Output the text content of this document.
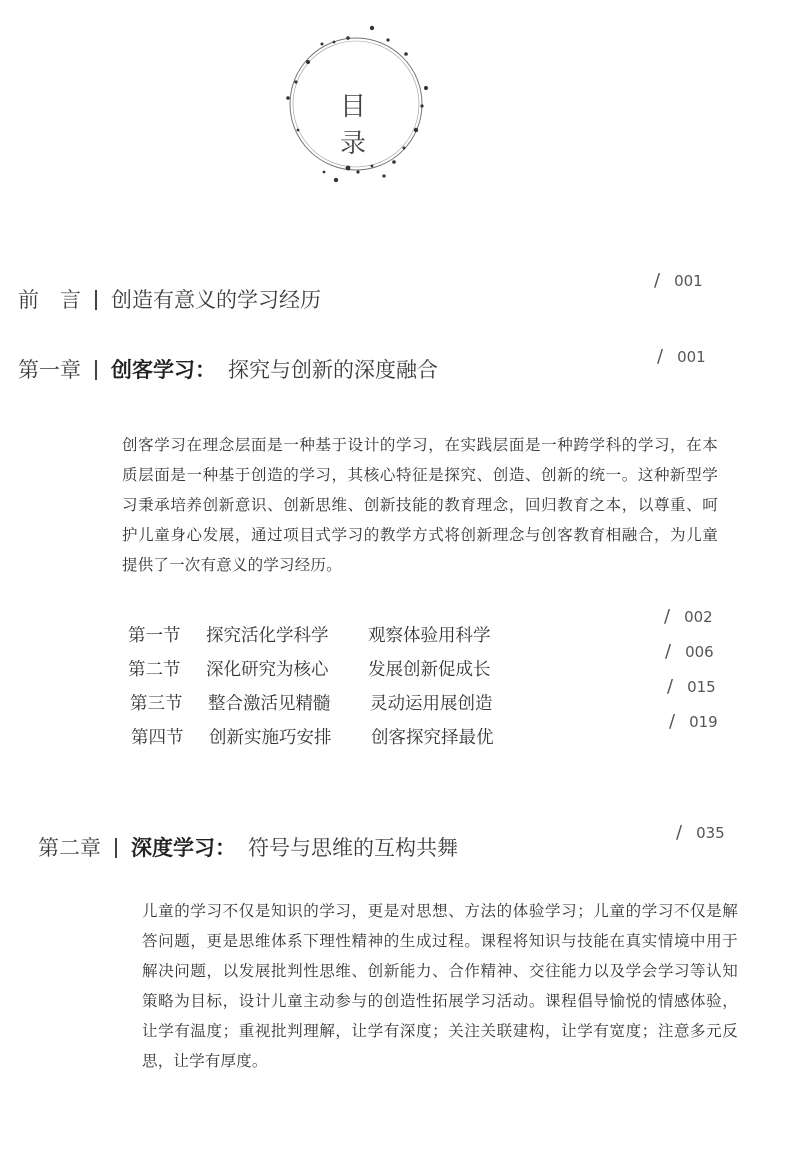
目 录
前　言 创造有意义的学习经历
/ 001
第一章 创客学习： 探究与创新的深度融合
/ 001
创客学习在理念层面是一种基于设计的学习，在实践层面是一种跨学科的学习，在本质层面是一种基于创造的学习，其核心特征是探究、创造、创新的统一。这种新型学习秉承培养创新意识、创新思维、创新技能的教育理念，回归教育之本，以尊重、呵护儿童身心发展，通过项目式学习的教学方式将创新理念与创客教育相融合，为儿童提供了一次有意义的学习经历。
第一节 探究活化学科学 观察体验用科学
/ 002
第二节 深化研究为核心 发展创新促成长
/ 006
第三节 整合激活见精髓 灵动运用展创造
/ 015
第四节 创新实施巧安排 创客探究择最优
/ 019
第二章 深度学习： 符号与思维的互构共舞
/ 035
儿童的学习不仅是知识的学习，更是对思想、方法的体验学习；儿童的学习不仅是解答问题，更是思维体系下理性精神的生成过程。课程将知识与技能在真实情境中用于解决问题，以发展批判性思维、创新能力、合作精神、交往能力以及学会学习等认知策略为目标，设计儿童主动参与的创造性拓展学习活动。课程倡导愉悦的情感体验，让学有温度；重视批判理解，让学有深度；关注关联建构，让学有宽度；注意多元反思，让学有厚度。
